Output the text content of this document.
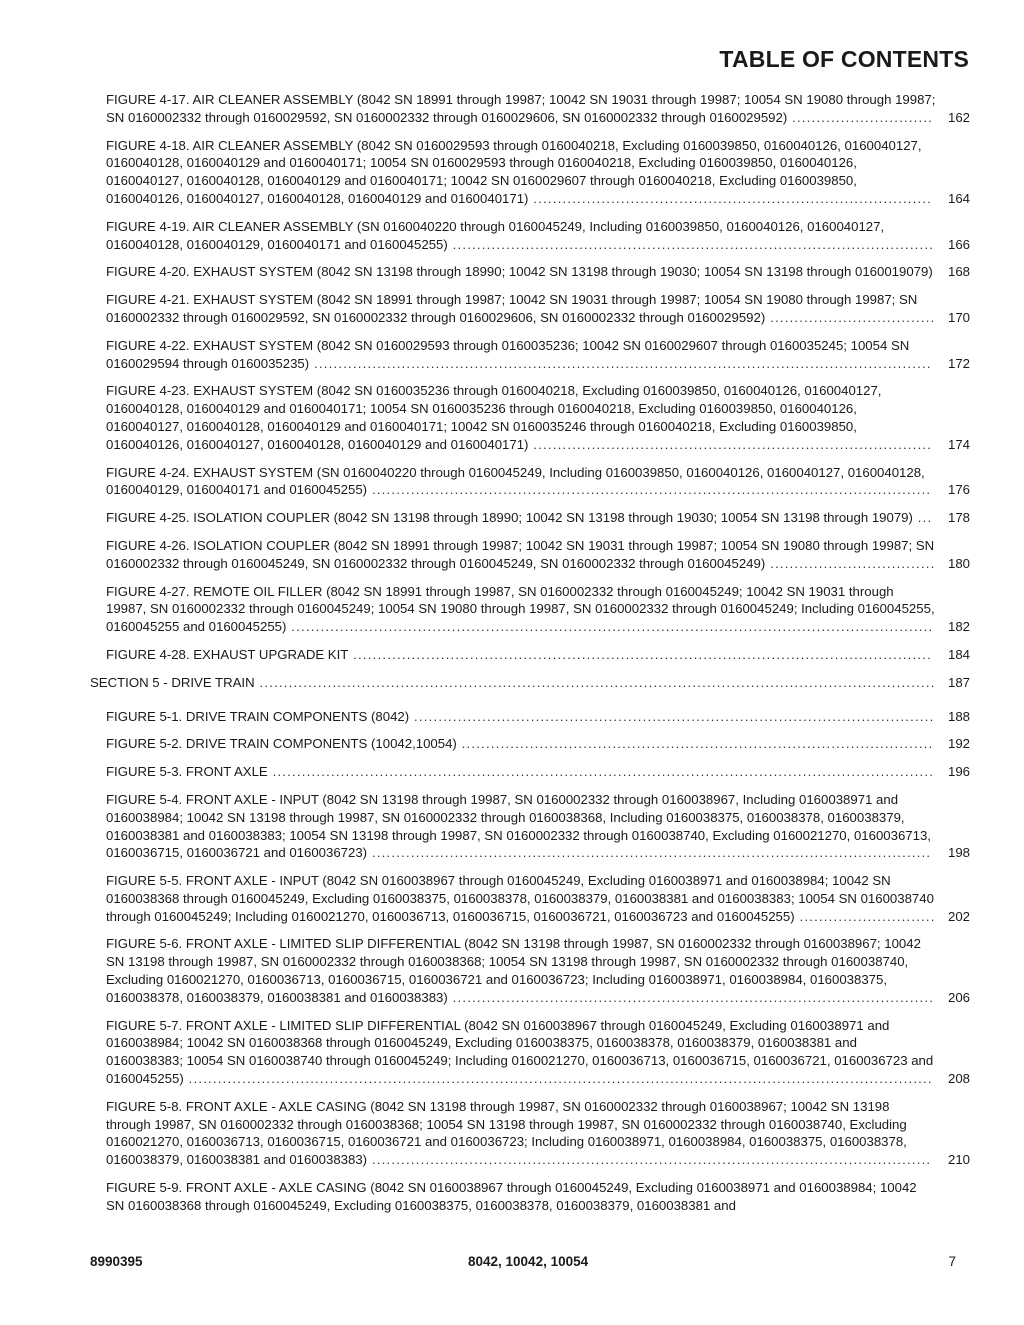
TABLE OF CONTENTS
FIGURE 4-17. AIR CLEANER ASSEMBLY (8042 SN 18991 through 19987; 10042 SN 19031 through 19987; 10054 SN 19080 through 19987; SN 0160002332 through 0160029592, SN 0160002332 through 0160029606, SN 0160002332 through 0160029592) ............................. 162
FIGURE 4-18. AIR CLEANER ASSEMBLY (8042 SN 0160029593 through 0160040218, Excluding 0160039850, 0160040126, 0160040127, 0160040128, 0160040129 and 0160040171; 10054 SN 0160029593 through 0160040218, Excluding 0160039850, 0160040126, 0160040127, 0160040128, 0160040129 and 0160040171; 10042 SN 0160029607 through 0160040218, Excluding 0160039850, 0160040126, 0160040127, 0160040128, 0160040129 and 0160040171) .................................................................................. 164
FIGURE 4-19. AIR CLEANER ASSEMBLY (SN 0160040220 through 0160045249, Including 0160039850, 0160040126, 0160040127, 0160040128, 0160040129, 0160040171 and 0160045255) ................................................................................................... 166
FIGURE 4-20. EXHAUST SYSTEM (8042 SN 13198 through 18990; 10042 SN 13198 through 19030; 10054 SN 13198 through 0160019079) 168
FIGURE 4-21. EXHAUST SYSTEM (8042 SN 18991 through 19987; 10042 SN 19031 through 19987; 10054 SN 19080 through 19987; SN 0160002332 through 0160029592, SN 0160002332 through 0160029606, SN 0160002332 through 0160029592) .................................. 170
FIGURE 4-22. EXHAUST SYSTEM (8042 SN 0160029593 through 0160035236; 10042 SN 0160029607 through 0160035245; 10054 SN 0160029594 through 0160035235) ............................................................................................................................... 172
FIGURE 4-23. EXHAUST SYSTEM (8042 SN 0160035236 through 0160040218, Excluding 0160039850, 0160040126, 0160040127, 0160040128, 0160040129 and 0160040171; 10054 SN 0160035236 through 0160040218, Excluding 0160039850, 0160040126, 0160040127, 0160040128, 0160040129 and 0160040171; 10042 SN 0160035246 through 0160040218, Excluding 0160039850, 0160040126, 0160040127, 0160040128, 0160040129 and 0160040171) .................................................................................. 174
FIGURE 4-24. EXHAUST SYSTEM (SN 0160040220 through 0160045249, Including 0160039850, 0160040126, 0160040127, 0160040128, 0160040129, 0160040171 and 0160045255) ................................................................................................................... 176
FIGURE 4-25. ISOLATION COUPLER (8042 SN 13198 through 18990; 10042 SN 13198 through 19030; 10054 SN 13198 through 19079) ... 178
FIGURE 4-26. ISOLATION COUPLER (8042 SN 18991 through 19987; 10042 SN 19031 through 19987; 10054 SN 19080 through 19987; SN 0160002332 through 0160045249, SN 0160002332 through 0160045249, SN 0160002332 through 0160045249) .................................. 180
FIGURE 4-27. REMOTE OIL FILLER (8042 SN 18991 through 19987, SN 0160002332 through 0160045249; 10042 SN 19031 through 19987, SN 0160002332 through 0160045249; 10054 SN 19080 through 19987, SN 0160002332 through 0160045249; Including 0160045255, 0160045255 and 0160045255) .................................................................................................................................... 182
FIGURE 4-28. EXHAUST UPGRADE KIT ....................................................................................................................... 184
SECTION 5 - DRIVE TRAIN ........................................................................................................................................... 187
FIGURE 5-1. DRIVE TRAIN COMPONENTS (8042) ........................................................................................................... 188
FIGURE 5-2. DRIVE TRAIN COMPONENTS (10042,10054) ................................................................................................. 192
FIGURE 5-3. FRONT AXLE ........................................................................................................................................ 196
FIGURE 5-4. FRONT AXLE - INPUT (8042 SN 13198 through 19987, SN 0160002332 through 0160038967, Including 0160038971 and 0160038984; 10042 SN 13198 through 19987, SN 0160002332 through 0160038368, Including 0160038375, 0160038378, 0160038379, 0160038381 and 0160038383; 10054 SN 13198 through 19987, SN 0160002332 through 0160038740, Excluding 0160021270, 0160036713, 0160036715, 0160036721 and 0160036723) ................................................................................................................... 198
FIGURE 5-5. FRONT AXLE - INPUT (8042 SN 0160038967 through 0160045249, Excluding 0160038971 and 0160038984; 10042 SN 0160038368 through 0160045249, Excluding 0160038375, 0160038378, 0160038379, 0160038381 and 0160038383; 10054 SN 0160038740 through 0160045249; Including 0160021270, 0160036713, 0160036715, 0160036721, 0160036723 and 0160045255) ............................ 202
FIGURE 5-6. FRONT AXLE - LIMITED SLIP DIFFERENTIAL (8042 SN 13198 through 19987, SN 0160002332 through 0160038967; 10042 SN 13198 through 19987, SN 0160002332 through 0160038368; 10054 SN 13198 through 19987, SN 0160002332 through 0160038740, Excluding 0160021270, 0160036713, 0160036715, 0160036721 and 0160036723; Including 0160038971, 0160038984, 0160038375, 0160038378, 0160038379, 0160038381 and 0160038383) ................................................................................................... 206
FIGURE 5-7. FRONT AXLE - LIMITED SLIP DIFFERENTIAL (8042 SN 0160038967 through 0160045249, Excluding 0160038971 and 0160038984; 10042 SN 0160038368 through 0160045249, Excluding 0160038375, 0160038378, 0160038379, 0160038381 and 0160038383; 10054 SN 0160038740 through 0160045249; Including 0160021270, 0160036713, 0160036715, 0160036721, 0160036723 and 0160045255) ......................................................................................................................................................... 208
FIGURE 5-8. FRONT AXLE - AXLE CASING (8042 SN 13198 through 19987, SN 0160002332 through 0160038967; 10042 SN 13198 through 19987, SN 0160002332 through 0160038368; 10054 SN 13198 through 19987, SN 0160002332 through 0160038740, Excluding 0160021270, 0160036713, 0160036715, 0160036721 and 0160036723; Including 0160038971, 0160038984, 0160038375, 0160038378, 0160038379, 0160038381 and 0160038383) ................................................................................................................... 210
FIGURE 5-9. FRONT AXLE - AXLE CASING (8042 SN 0160038967 through 0160045249, Excluding 0160038971 and 0160038984; 10042 SN 0160038368 through 0160045249, Excluding 0160038375, 0160038378, 0160038379, 0160038381 and
8990395	8042, 10042, 10054	7
